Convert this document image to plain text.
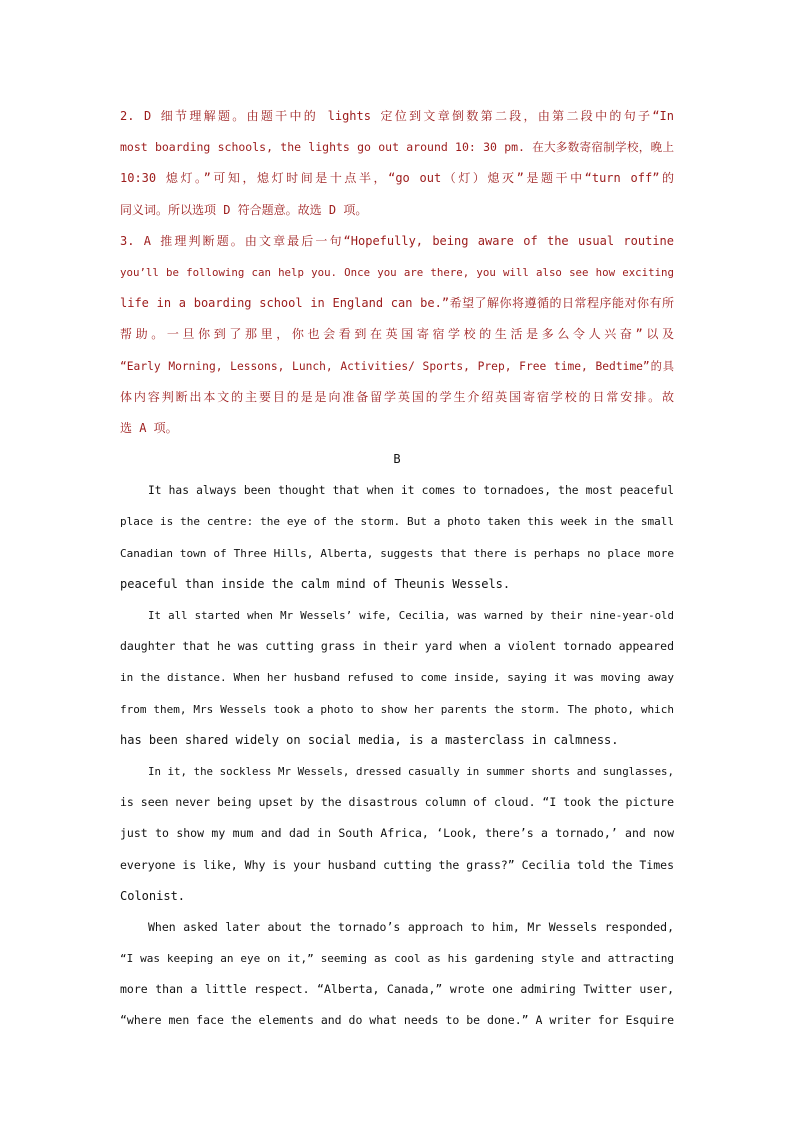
2. D 细节理解题。由题干中的 lights 定位到文章倒数第二段，由第二段中的句子“In
most boarding schools, the lights go out around 10: 30 pm. 在大多数寄宿制学校，晚上
10:30 熄灯。”可知，熄灯时间是十点半，“go out（灯）熄灭”是题干中“turn off”的
同义词。所以选项 D 符合题意。故选 D 项。
3. A 推理判断题。由文章最后一句“Hopefully, being aware of the usual routine
you’ll be following can help you. Once you are there, you will also see how exciting
life in a boarding school in England can be.”希望了解你将遵循的日常程序能对你有所
帮助。一旦你到了那里，你也会看到在英国寄宿学校的生活是多么令人兴奋”以及
“Early Morning, Lessons, Lunch, Activities/ Sports, Prep, Free time, Bedtime”的具
体内容判断出本文的主要目的是是向准备留学英国的学生介绍英国寄宿学校的日常安排。故
选 A 项。
B
It has always been thought that when it comes to tornadoes, the most peaceful
place is the centre: the eye of the storm. But a photo taken this week in the small
Canadian town of Three Hills, Alberta, suggests that there is perhaps no place more
peaceful than inside the calm mind of Theunis Wessels.
It all started when Mr Wessels’ wife, Cecilia, was warned by their nine-year-old
daughter that he was cutting grass in their yard when a violent tornado appeared
in the distance. When her husband refused to come inside, saying it was moving away
from them, Mrs Wessels took a photo to show her parents the storm. The photo, which
has been shared widely on social media, is a masterclass in calmness.
In it, the sockless Mr Wessels, dressed casually in summer shorts and sunglasses,
is seen never being upset by the disastrous column of cloud. “I took the picture
just to show my mum and dad in South Africa, ‘Look, there’s a tornado,’ and now
everyone is like, Why is your husband cutting the grass?” Cecilia told the Times
Colonist.
When asked later about the tornado’s approach to him, Mr Wessels responded,
“I was keeping an eye on it,” seeming as cool as his gardening style and attracting
more than a little respect. “Alberta, Canada,” wrote one admiring Twitter user,
“where men face the elements and do what needs to be done.” A writer for Esquire
